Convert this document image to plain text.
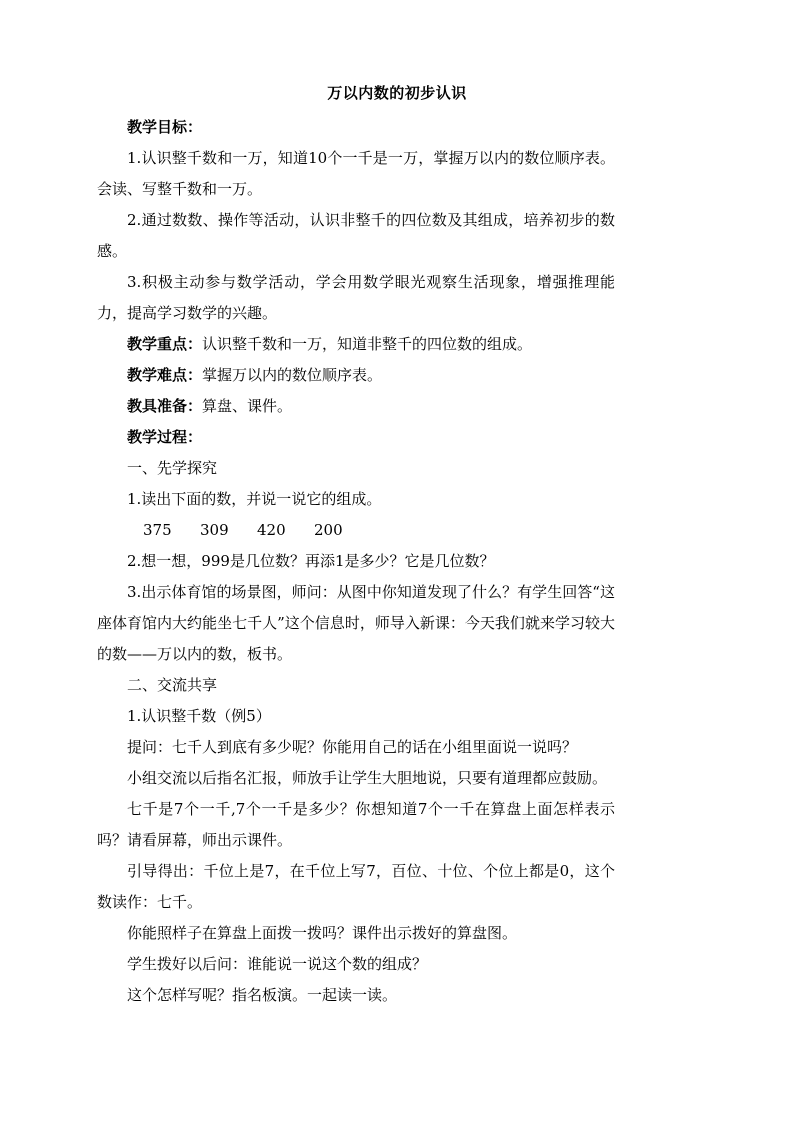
万以内数的初步认识

教学目标：

1.认识整千数和一万，知道10个一千是一万，掌握万以内的数位顺序表。会读、写整千数和一万。

2.通过数数、操作等活动，认识非整千的四位数及其组成，培养初步的数感。

3.积极主动参与数学活动，学会用数学眼光观察生活现象，增强推理能力，提高学习数学的兴趣。

教学重点：认识整千数和一万，知道非整千的四位数的组成。

教学难点：掌握万以内的数位顺序表。

教具准备：算盘、课件。

教学过程：

一、先学探究

1.读出下面的数，并说一说它的组成。

375 309 420 200

2.想一想，999是几位数？再添1是多少？它是几位数？

3.出示体育馆的场景图，师问：从图中你知道发现了什么？有学生回答“这座体育馆内大约能坐七千人”这个信息时，师导入新课：今天我们就来学习较大的数——万以内的数，板书。

二、交流共享

1.认识整千数（例5）

提问：七千人到底有多少呢？你能用自己的话在小组里面说一说吗？

小组交流以后指名汇报，师放手让学生大胆地说，只要有道理都应鼓励。

七千是7个一千,7个一千是多少？你想知道7个一千在算盘上面怎样表示吗？请看屏幕，师出示课件。

引导得出：千位上是7，在千位上写7，百位、十位、个位上都是0，这个数读作：七千。

你能照样子在算盘上面拨一拨吗？课件出示拨好的算盘图。

学生拨好以后问：谁能说一说这个数的组成？

这个怎样写呢？指名板演。一起读一读。
